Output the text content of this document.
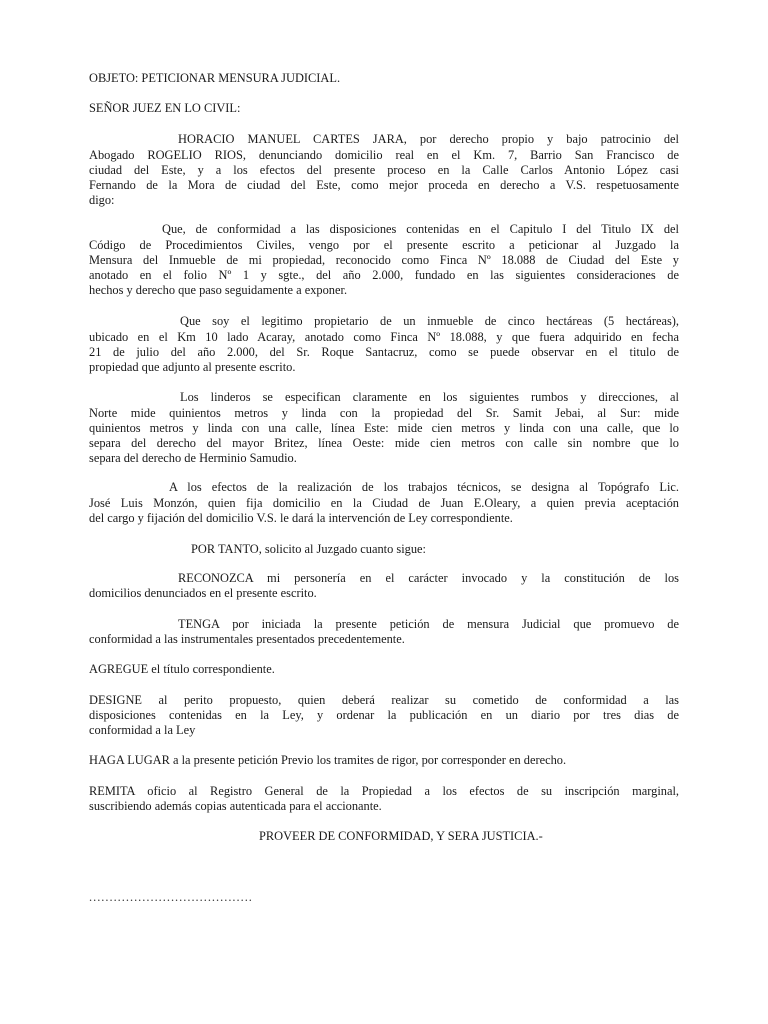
OBJETO: PETICIONAR MENSURA JUDICIAL.
SEÑOR JUEZ EN LO CIVIL:
HORACIO MANUEL CARTES JARA, por derecho propio y bajo patrocinio del
Abogado ROGELIO RIOS, denunciando domicilio real en el Km. 7, Barrio San Francisco de
ciudad del Este, y a los efectos del presente proceso en la Calle Carlos Antonio López casi
Fernando de la Mora de ciudad del Este, como mejor proceda en derecho a V.S. respetuosamente
digo:
Que, de conformidad a las disposiciones contenidas en el Capitulo I del Titulo IX del
Código de Procedimientos Civiles, vengo por el presente escrito a peticionar al Juzgado la
Mensura del Inmueble de mi propiedad, reconocido como Finca Nº 18.088 de Ciudad del Este y
anotado en el folio Nº 1 y sgte., del año 2.000, fundado en las siguientes consideraciones de
hechos y derecho que paso seguidamente a exponer.
Que soy el legitimo propietario de un inmueble de cinco hectáreas (5 hectáreas),
ubicado en el Km 10 lado Acaray, anotado como Finca Nº 18.088, y que fuera adquirido en fecha
21 de julio del año 2.000, del Sr. Roque Santacruz, como se puede observar en el titulo de
propiedad que adjunto al presente escrito.
Los linderos se especifican claramente en los siguientes rumbos y direcciones, al
Norte mide quinientos metros y linda con la propiedad del Sr. Samit Jebai, al Sur: mide
quinientos metros y linda con una calle, línea Este: mide cien metros y linda con una calle, que lo
separa del derecho del mayor Britez, línea Oeste: mide cien metros con calle sin nombre que lo
separa del derecho de Herminio Samudio.
A los efectos de la realización de los trabajos técnicos, se designa al Topógrafo Lic.
José Luis Monzón, quien fija domicilio en la Ciudad de Juan E.Oleary, a quien previa aceptación
del cargo y fijación del domicilio V.S. le dará la intervención de Ley correspondiente.
POR TANTO, solicito al Juzgado cuanto sigue:
RECONOZCA mi personería en el carácter invocado y la constitución de los
domicilios denunciados en el presente escrito.
TENGA por iniciada la presente petición de mensura Judicial que promuevo de
conformidad a las instrumentales presentados precedentemente.
AGREGUE el título correspondiente.
DESIGNE al perito propuesto, quien deberá realizar su cometido de conformidad a las
disposiciones contenidas en la Ley, y ordenar la publicación en un diario por tres dias de
conformidad a la Ley
HAGA LUGAR a la presente petición Previo los tramites de rigor, por corresponder en derecho.
REMITA oficio al Registro General de la Propiedad a los efectos de su inscripción marginal,
suscribiendo además copias autenticada para el accionante.
PROVEER DE CONFORMIDAD, Y SERA JUSTICIA.-
........................................
